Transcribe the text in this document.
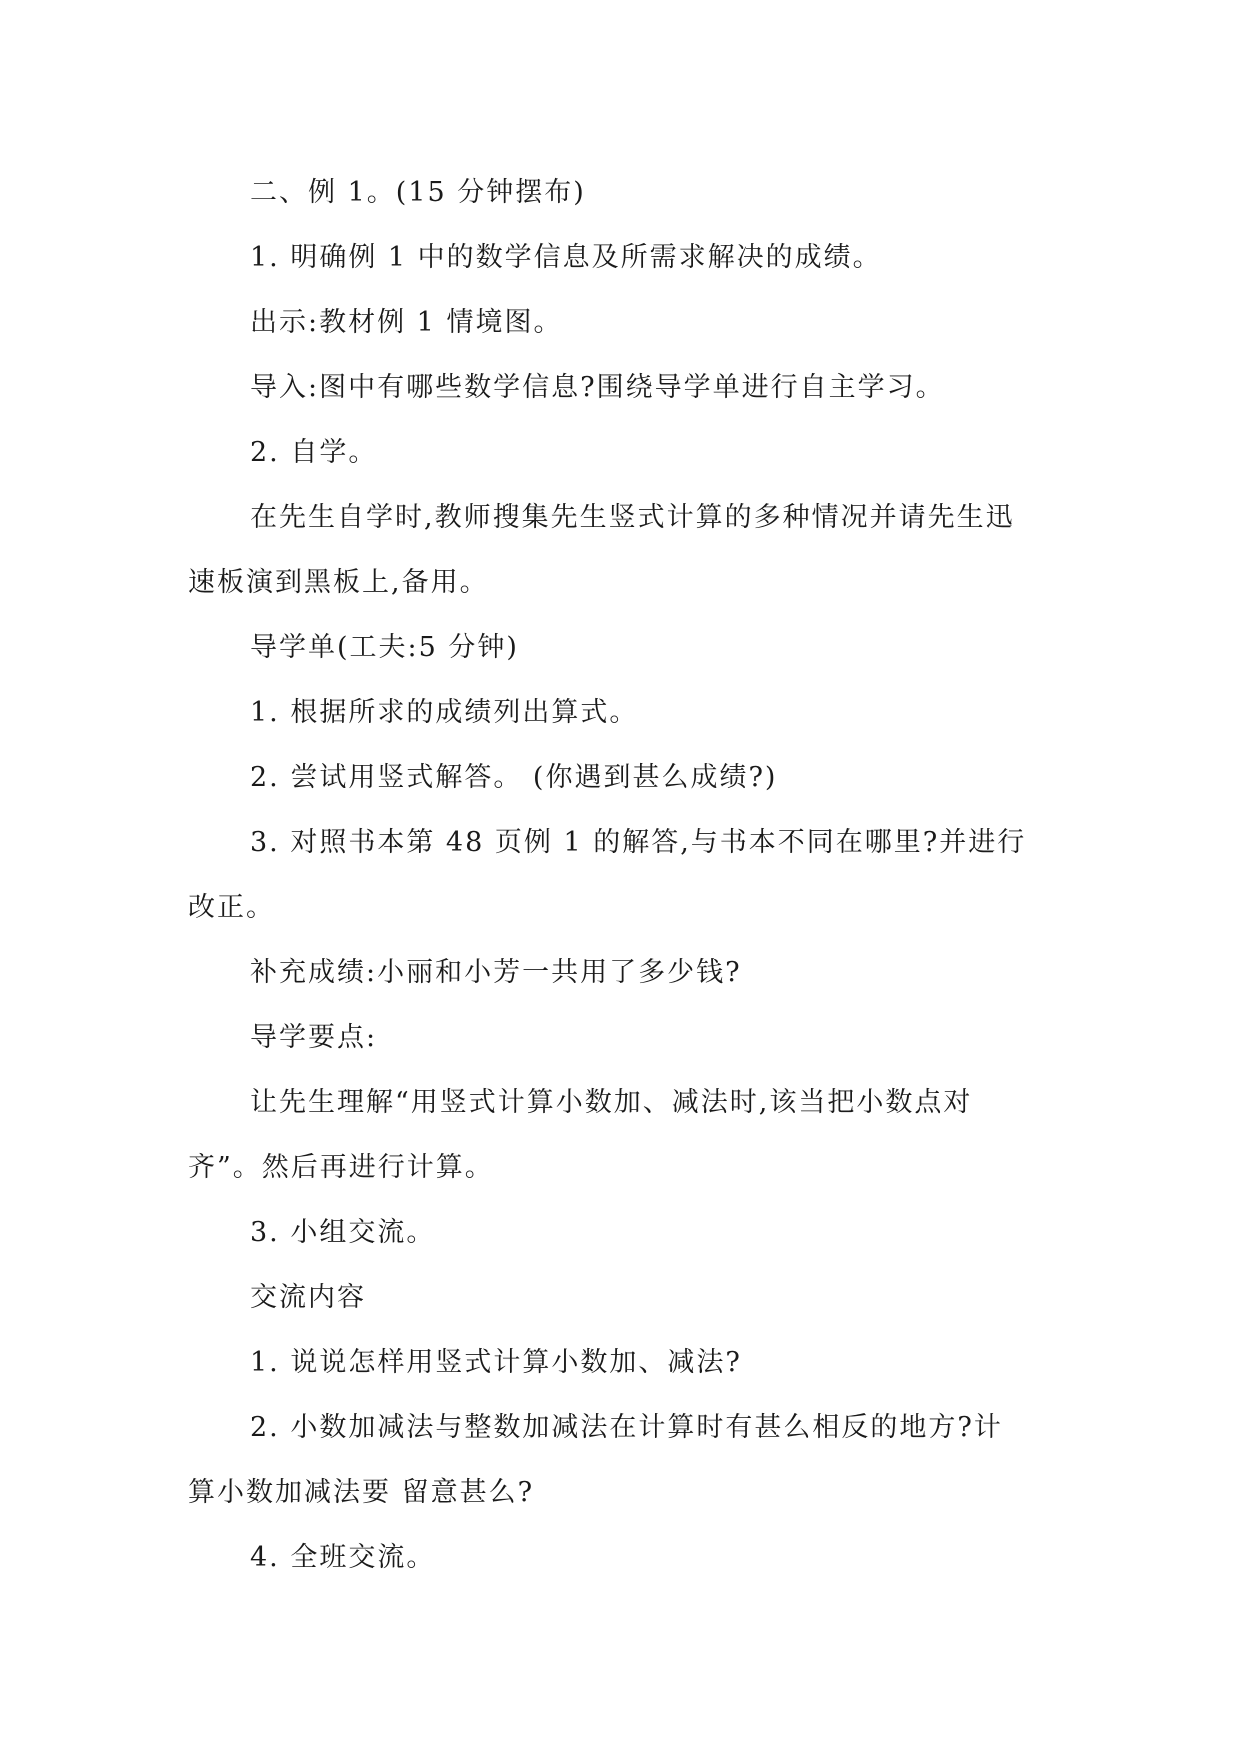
二、例 1。(15 分钟摆布)

1. 明确例 1 中的数学信息及所需求解决的成绩。

出示:教材例 1 情境图。

导入:图中有哪些数学信息?围绕导学单进行自主学习。

2. 自学。

在先生自学时,教师搜集先生竖式计算的多种情况并请先生迅

速板演到黑板上,备用。

导学单(工夫:5 分钟)

1. 根据所求的成绩列出算式。

2. 尝试用竖式解答。 (你遇到甚么成绩?)

3. 对照书本第 48 页例 1 的解答,与书本不同在哪里?并进行

改正。

补充成绩:小丽和小芳一共用了多少钱?

导学要点:

让先生理解“用竖式计算小数加、减法时,该当把小数点对

齐”。然后再进行计算。

3. 小组交流。

交流内容

1. 说说怎样用竖式计算小数加、减法?

2. 小数加减法与整数加减法在计算时有甚么相反的地方?计

算小数加减法要 留意甚么?

4. 全班交流。
